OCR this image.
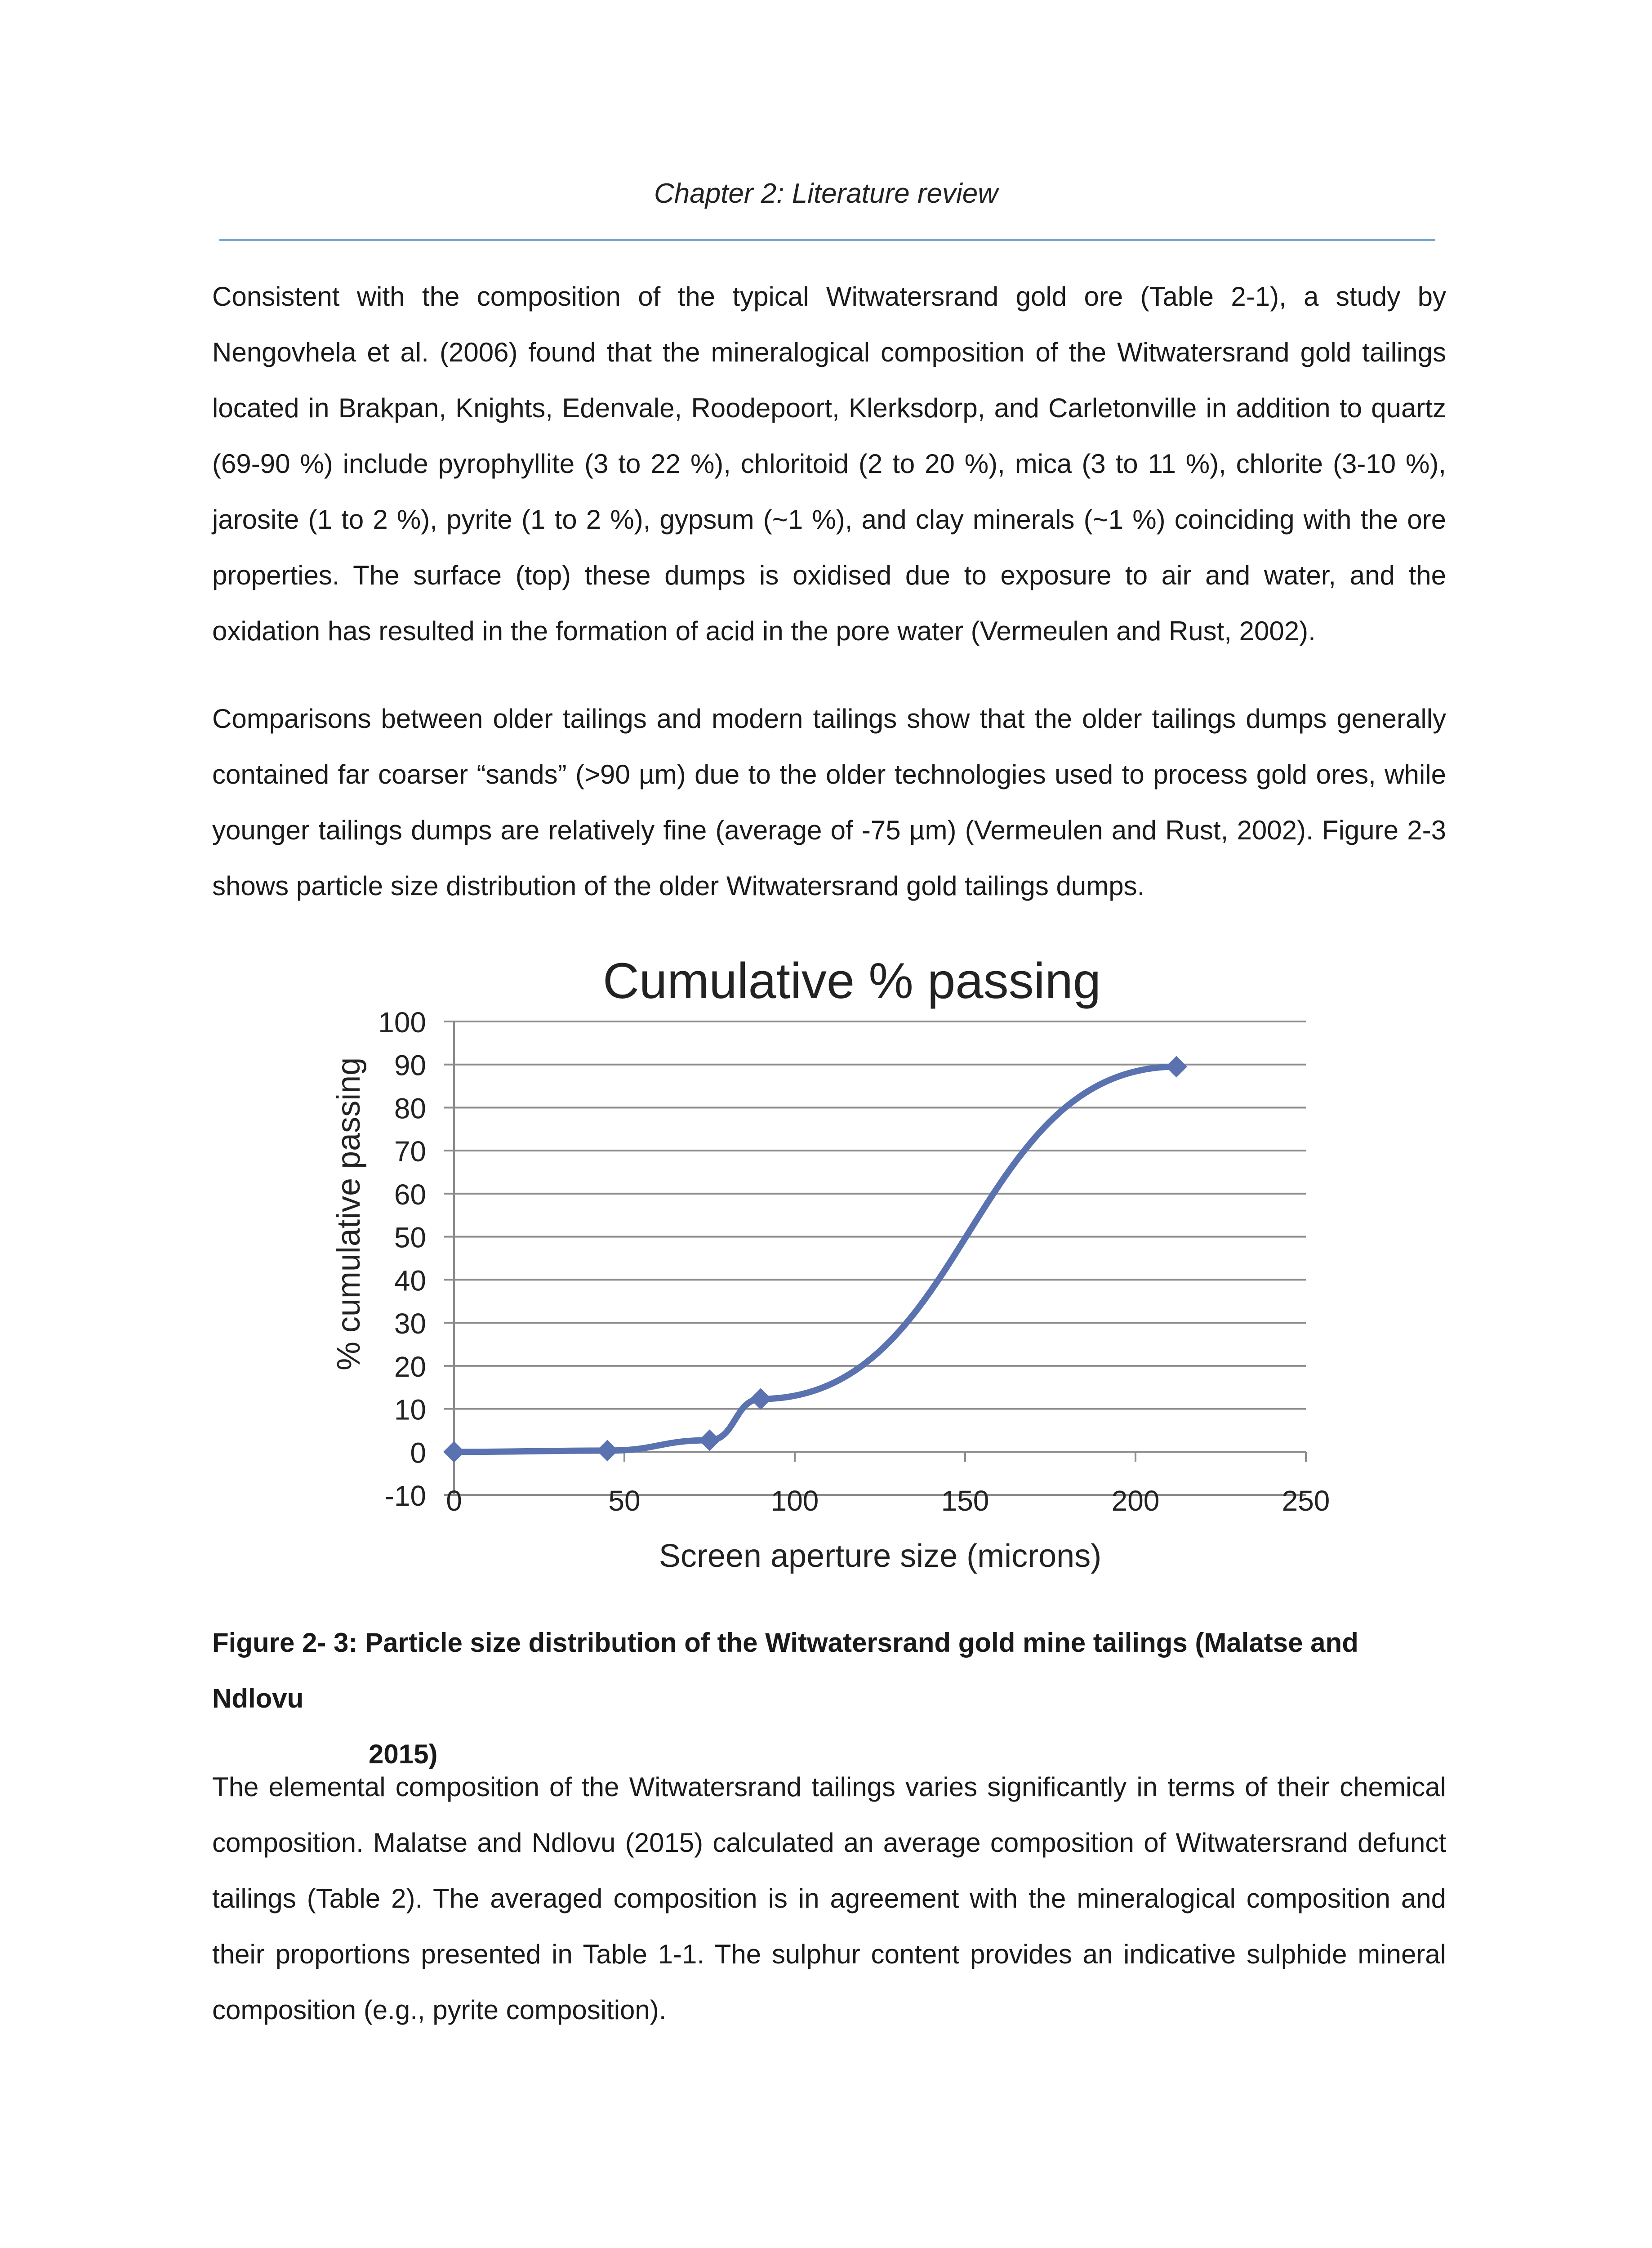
Chapter 2: Literature review

Consistent with the composition of the typical Witwatersrand gold ore (Table 2-1), a study by Nengovhela et al. (2006) found that the mineralogical composition of the Witwatersrand gold tailings located in Brakpan, Knights, Edenvale, Roodepoort, Klerksdorp, and Carletonville in addition to quartz (69-90 %) include pyrophyllite (3 to 22 %), chloritoid (2 to 20 %), mica (3 to 11 %), chlorite (3-10 %), jarosite (1 to 2 %), pyrite (1 to 2 %), gypsum (~1 %), and clay minerals (~1 %) coinciding with the ore properties. The surface (top) these dumps is oxidised due to exposure to air and water, and the oxidation has resulted in the formation of acid in the pore water (Vermeulen and Rust, 2002).

Comparisons between older tailings and modern tailings show that the older tailings dumps generally contained far coarser “sands” (>90 µm) due to the older technologies used to process gold ores, while younger tailings dumps are relatively fine (average of -75 µm) (Vermeulen and Rust, 2002). Figure 2-3 shows particle size distribution of the older Witwatersrand gold tailings dumps.

-10
0
10
20
30
40
50
60
70
80
90
100
0	50	100	150	200	250
Cumulative % passing
Screen aperture size (microns)
% cumulative passing
Figure 2- 3: Particle size distribution of the Witwatersrand gold mine tailings (Malatse and Ndlovu
2015)

The elemental composition of the Witwatersrand tailings varies significantly in terms of their chemical composition. Malatse and Ndlovu (2015) calculated an average composition of Witwatersrand defunct tailings (Table 2). The averaged composition is in agreement with the mineralogical composition and their proportions presented in Table 1-1. The sulphur content provides an indicative sulphide mineral composition (e.g., pyrite composition).
